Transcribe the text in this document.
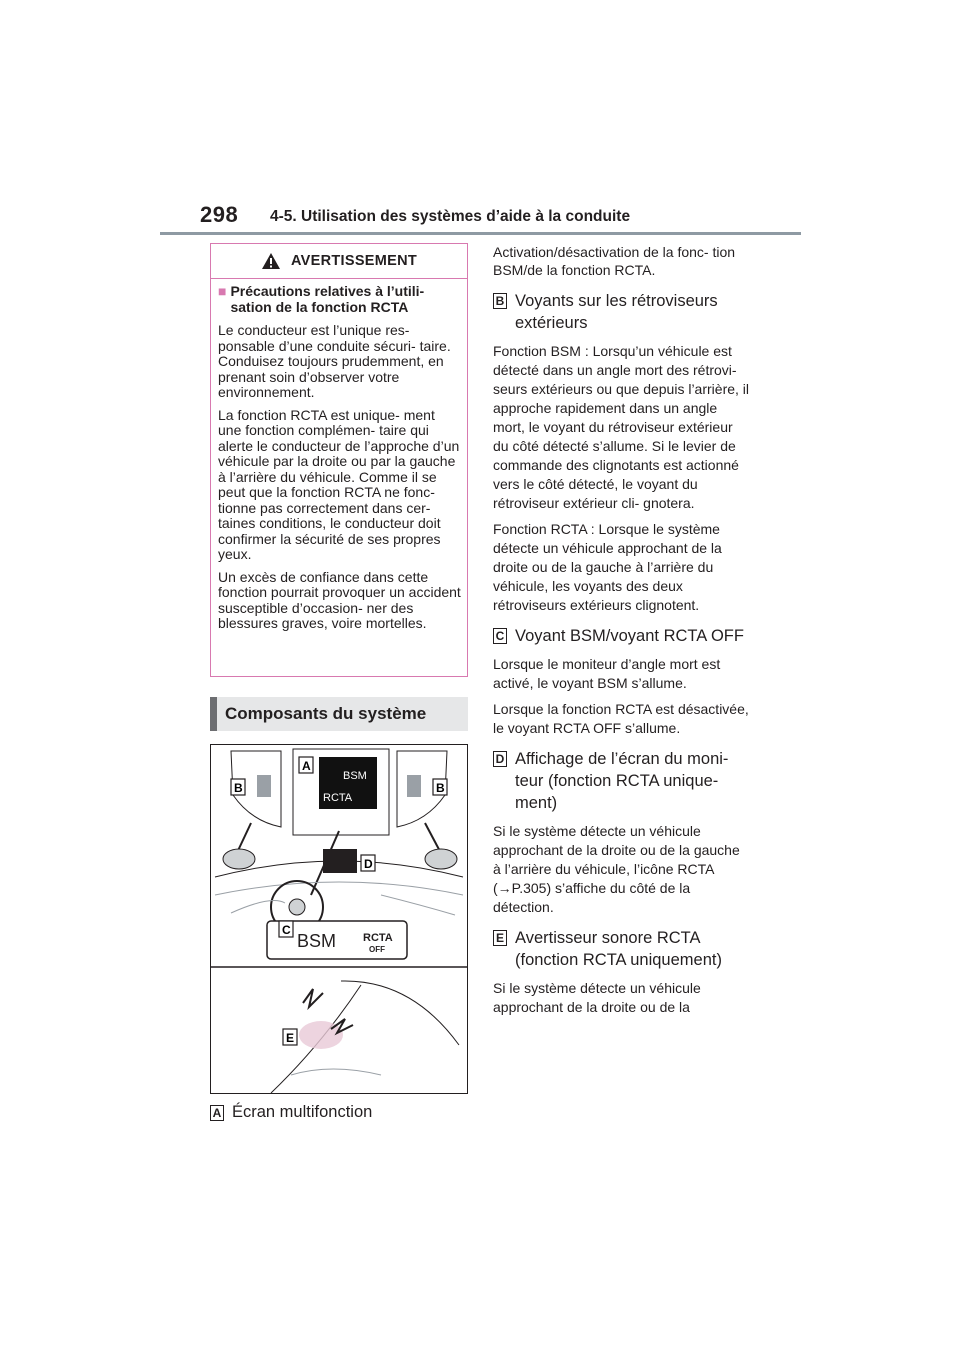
298 4-5. Utilisation des systèmes d’aide à la conduite
AVERTISSEMENT
■ Précautions relatives à l’utili- sation de la fonction RCTA

Le conducteur est l’unique res- ponsable d’une conduite sécuri- taire. Conduisez toujours prudemment, en prenant soin d’observer votre environnement.

La fonction RCTA est unique- ment une fonction complémen- taire qui alerte le conducteur de l’approche d’un véhicule par la droite ou par la gauche à l’arrière du véhicule. Comme il se peut que la fonction RCTA ne fonc- tionne pas correctement dans cer- taines conditions, le conducteur doit confirmer la sécurité de ses propres yeux.

Un excès de confiance dans cette fonction pourrait provoquer un accident susceptible d’occasion- ner des blessures graves, voire mortelles.

Composants du système
BSM
RCTA
BSM RCTA
OFF
A
B	B
C
D
E
A Écran multifonction

Activation/désactivation de la fonc- tion BSM/de la fonction RCTA.

B Voyants sur les rétroviseurs extérieurs

Fonction BSM : Lorsqu’un véhicule est détecté dans un angle mort des rétrovi- seurs extérieurs ou que depuis l’arrière, il approche rapidement dans un angle mort, le voyant du rétroviseur extérieur du côté détecté s’allume. Si le levier de commande des clignotants est actionné vers le côté détecté, le voyant du rétroviseur extérieur cli- gnotera.

Fonction RCTA : Lorsque le système détecte un véhicule approchant de la droite ou de la gauche à l’arrière du véhicule, les voyants des deux rétroviseurs extérieurs clignotent.

C Voyant BSM/voyant RCTA OFF

Lorsque le moniteur d’angle mort est activé, le voyant BSM s’allume.

Lorsque la fonction RCTA est désactivée, le voyant RCTA OFF s’allume.

D Affichage de l’écran du moni- teur (fonction RCTA unique- ment)

Si le système détecte un véhicule approchant de la droite ou de la gauche à l’arrière du véhicule, l’icône RCTA (→P.305) s’affiche du côté de la détection.

E Avertisseur sonore RCTA (fonction RCTA uniquement)

Si le système détecte un véhicule approchant de la droite ou de la
